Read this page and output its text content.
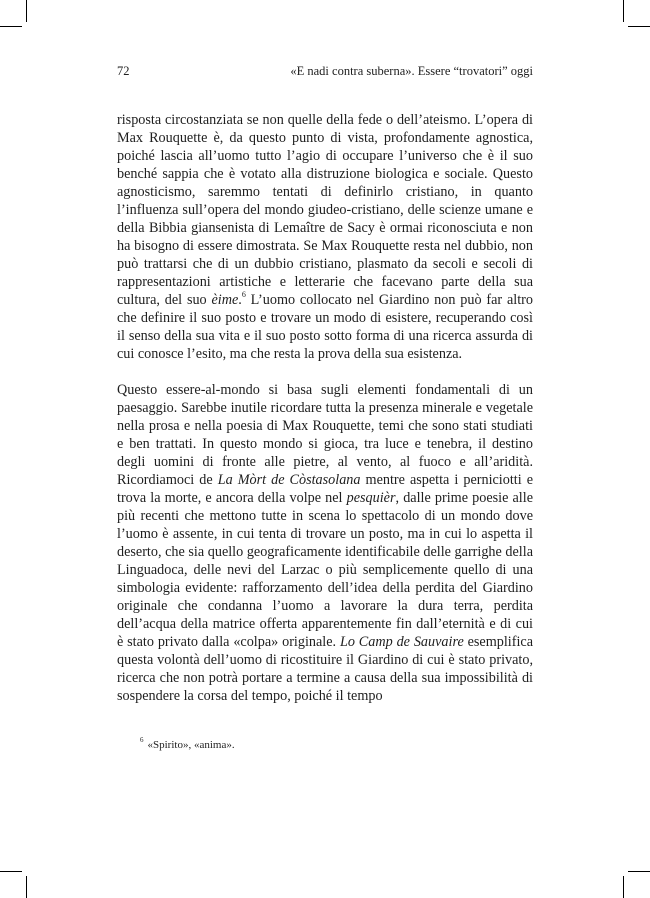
72	«E nadi contra suberna». Essere “trovatori” oggi

risposta circostanziata se non quelle della fede o dell’ateismo. L’opera di Max Rouquette è, da questo punto di vista, profondamente agnostica, poiché lascia all’uomo tutto l’agio di occupare l’universo che è il suo benché sappia che è votato alla distruzione biologica e sociale. Questo agnosticismo, saremmo tentati di definirlo cristiano, in quanto l’influenza sull’opera del mondo giudeo-cristiano, delle scienze umane e della Bibbia giansenista di Lemaître de Sacy è ormai riconosciuta e non ha bisogno di essere dimostrata. Se Max Rouquette resta nel dubbio, non può trattarsi che di un dubbio cristiano, plasmato da secoli e secoli di rappresentazioni artistiche e letterarie che facevano parte della sua cultura, del suo èime.$^6$ L’uomo collocato nel Giardino non può far altro che definire il suo posto e trovare un modo di esistere, recuperando così il senso della sua vita e il suo posto sotto forma di una ricerca assurda di cui conosce l’esito, ma che resta la prova della sua esistenza.

Questo essere-al-mondo si basa sugli elementi fondamentali di un paesaggio. Sarebbe inutile ricordare tutta la presenza minerale e vegetale nella prosa e nella poesia di Max Rouquette, temi che sono stati studiati e ben trattati. In questo mondo si gioca, tra luce e tenebra, il destino degli uomini di fronte alle pietre, al vento, al fuoco e all’aridità. Ricordiamoci de La Mòrt de Còstasolana mentre aspetta i perniciotti e trova la morte, e ancora della volpe nel pesquièr, dalle prime poesie alle più recenti che mettono tutte in scena lo spettacolo di un mondo dove l’uomo è assente, in cui tenta di trovare un posto, ma in cui lo aspetta il deserto, che sia quello geograficamente identificabile delle garrighe della Linguadoca, delle nevi del Larzac o più semplicemente quello di una simbologia evidente: rafforzamento dell’idea della perdita del Giardino originale che condanna l’uomo a lavorare la dura terra, perdita dell’acqua della matrice offerta apparentemente fin dall’eternità e di cui è stato privato dalla «colpa» originale. Lo Camp de Sauvaire esemplifica questa volontà dell’uomo di ricostituire il Giardino di cui è stato privato, ricerca che non potrà portare a termine a causa della sua impossibilità di sospendere la corsa del tempo, poiché il tempo

$^6$ «Spirito», «anima».
